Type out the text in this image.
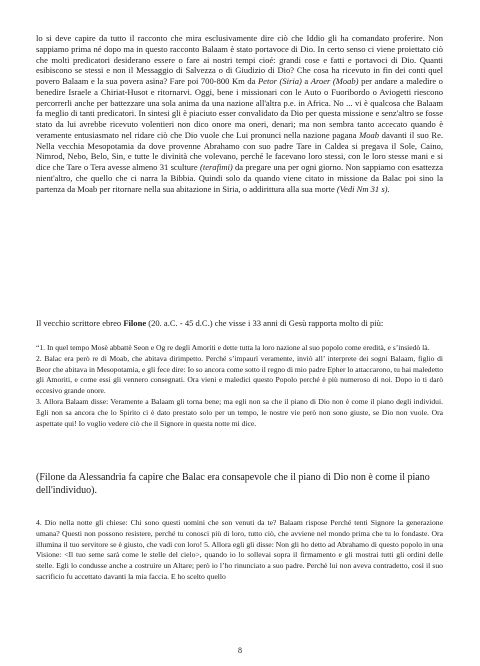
lo si deve capire da tutto il racconto che mira esclusivamente dire ciò che Iddio gli ha comandato proferire. Non sappiamo prima né dopo ma in questo racconto Balaam è stato portavoce di Dio. In certo senso ci viene proiettato ciò che molti predicatori desiderano essere o fare ai nostri tempi cioé: grandi cose e fatti e portavoci di Dio. Quanti esibiscono se stessi e non il Messaggio di Salvezza o di Giudizio di Dio? Che cosa ha ricevuto in fin dei conti quel povero Balaam e la sua povera asina? Fare poi 700-800 Km da Petor (Siria) a Aroer (Moab) per andare a maledire o benedire Israele a Chiriat-Husot e ritornarvi. Oggi, bene i missionari con le Auto o Fuoribordo o Aviogetti riescono percorrerli anche per battezzare una sola anima da una nazione all'altra p.e. in Africa. No ... vi è qualcosa che Balaam fa meglio di tanti predicatori. In sintesi gli è piaciuto esser convalidato da Dio per questa missione e senz'altro se fosse stato da lui avrebbe ricevuto volentieri non dico onore ma oneri, denari; ma non sembra tanto accecato quando è veramente entusiasmato nel ridare ciò che Dio vuole che Lui pronunci nella nazione pagana Moab davanti il suo Re. Nella vecchia Mesopotamia da dove provenne Abrahamo con suo padre Tare in Caldea si pregava il Sole, Caino, Nimrod, Nebo, Belo, Sin, e tutte le divinità che volevano, perché le facevano loro stessi, con le loro stesse mani e si dice che Tare o Tera avesse almeno 31 sculture (terafimi) da pregare una per ogni giorno. Non sappiamo con esattezza nient'altro, che quello che ci narra la Bibbia. Quindi solo da quando viene citato in missione da Balac poi sino la partenza da Moab per ritornare nella sua abitazione in Siria, o addirittura alla sua morte (Vedi Nm 31 s).

Il vecchio scrittore ebreo Filone (20. a.C. - 45 d.C.) che visse i 33 anni di Gesù rapporta molto di più:

“1. In quel tempo Mosè abbattè Seon e Og re degli Amoriti e dette tutta la loro nazione al suo popolo come eredità, e s’insiedò là.
2. Balac era però re di Moab, che abitava dirimpetto. Perché s’impaurì veramente, inviò all’ interprete dei sogni Balaam, figlio di Beor che abitava in Mesopotamia, e gli fece dire: Io so ancora come sotto il regno di mio padre Epher lo attaccarono, tu hai maledetto gli Amoriti, e come essi gli vennero consegnati. Ora vieni e maledici questo Popolo perché è più numeroso di noi. Dopo io ti darò eccesivo grande onore.
3. Allora Balaam disse: Veramente a Balaam gli torna bene; ma egli non sa che il piano di Dio non è come il piano degli individui. Egli non sa ancora che lo Spirito ci è dato prestato solo per un tempo, le nostre vie però non sono giuste, se Dio non vuole. Ora aspettate qui! Io voglio vedere ciò che il Signore in questa notte mi dice.

(Filone da Alessandria fa capire che Balac era consapevole che il piano di Dio non è come il piano dell'individuo).

4. Dio nella notte gli chiese: Chi sono questi uomini che son venuti da te? Balaam rispose Perché tenti Signore la generazione umana? Questi non possono resistere, perché tu conosci più di loro, tutto ciò, che avviene nel mondo prima che tu lo fondaste. Ora illumina il tuo servitore se è giusto, che vadi con loro! 5. Allora egli gli disse: Non gli ho detto ad Abrahamo di questo popolo in una Visione: <Il tuo seme sarà come le stelle del cielo>, quando io lo sollevai sopra il firmamento e gli mostrai tutti gli ordini delle stelle. Egli lo condusse anche a costruire un Altare; però io l’ho rinunciato a suo padre. Perchè lui non aveva contradetto, così il suo sacrificio fu accettato davanti la mia faccia. E ho scelto quello

8
